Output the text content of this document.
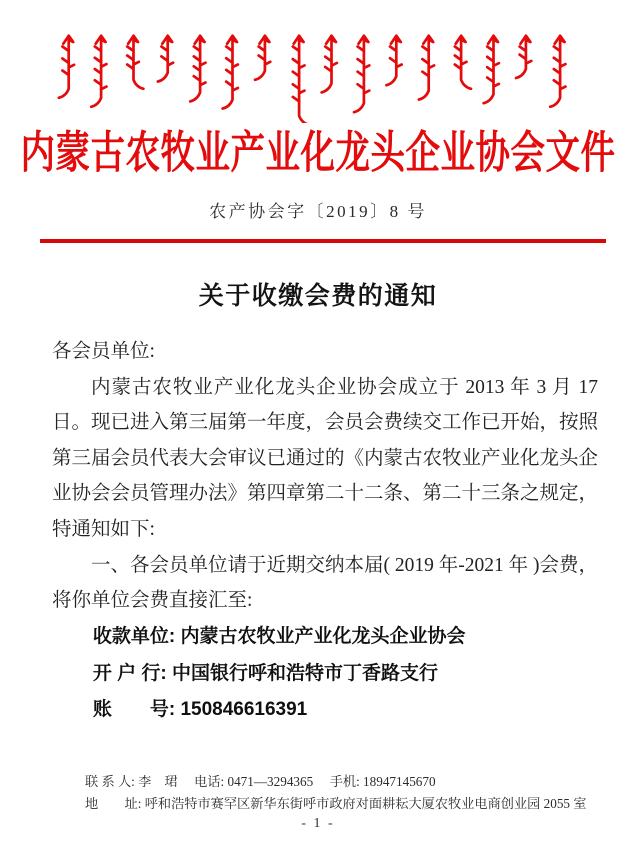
内蒙古农牧业产业化龙头企业协会文件
农产协会字〔2019〕8 号
关于收缴会费的通知

各会员单位:

内蒙古农牧业产业化龙头企业协会成立于 2013 年 3 月 17 日。现已进入第三届第一年度，会员会费续交工作已开始，按照第三届会员代表大会审议已通过的《内蒙古农牧业产业化龙头企业协会会员管理办法》第四章第二十二条、第二十三条之规定，特通知如下:

一、各会员单位请于近期交纳本届( 2019 年-2021 年 )会费，将你单位会费直接汇至:

收款单位: 内蒙古农牧业产业化龙头企业协会
开 户 行: 中国银行呼和浩特市丁香路支行
账　　号: 150846616391
联 系 人: 李　珺　 电话: 0471—3294365　 手机: 18947145670
地　　址: 呼和浩特市赛罕区新华东街呼市政府对面耕耘大厦农牧业电商创业园 2055 室
- 1 -
